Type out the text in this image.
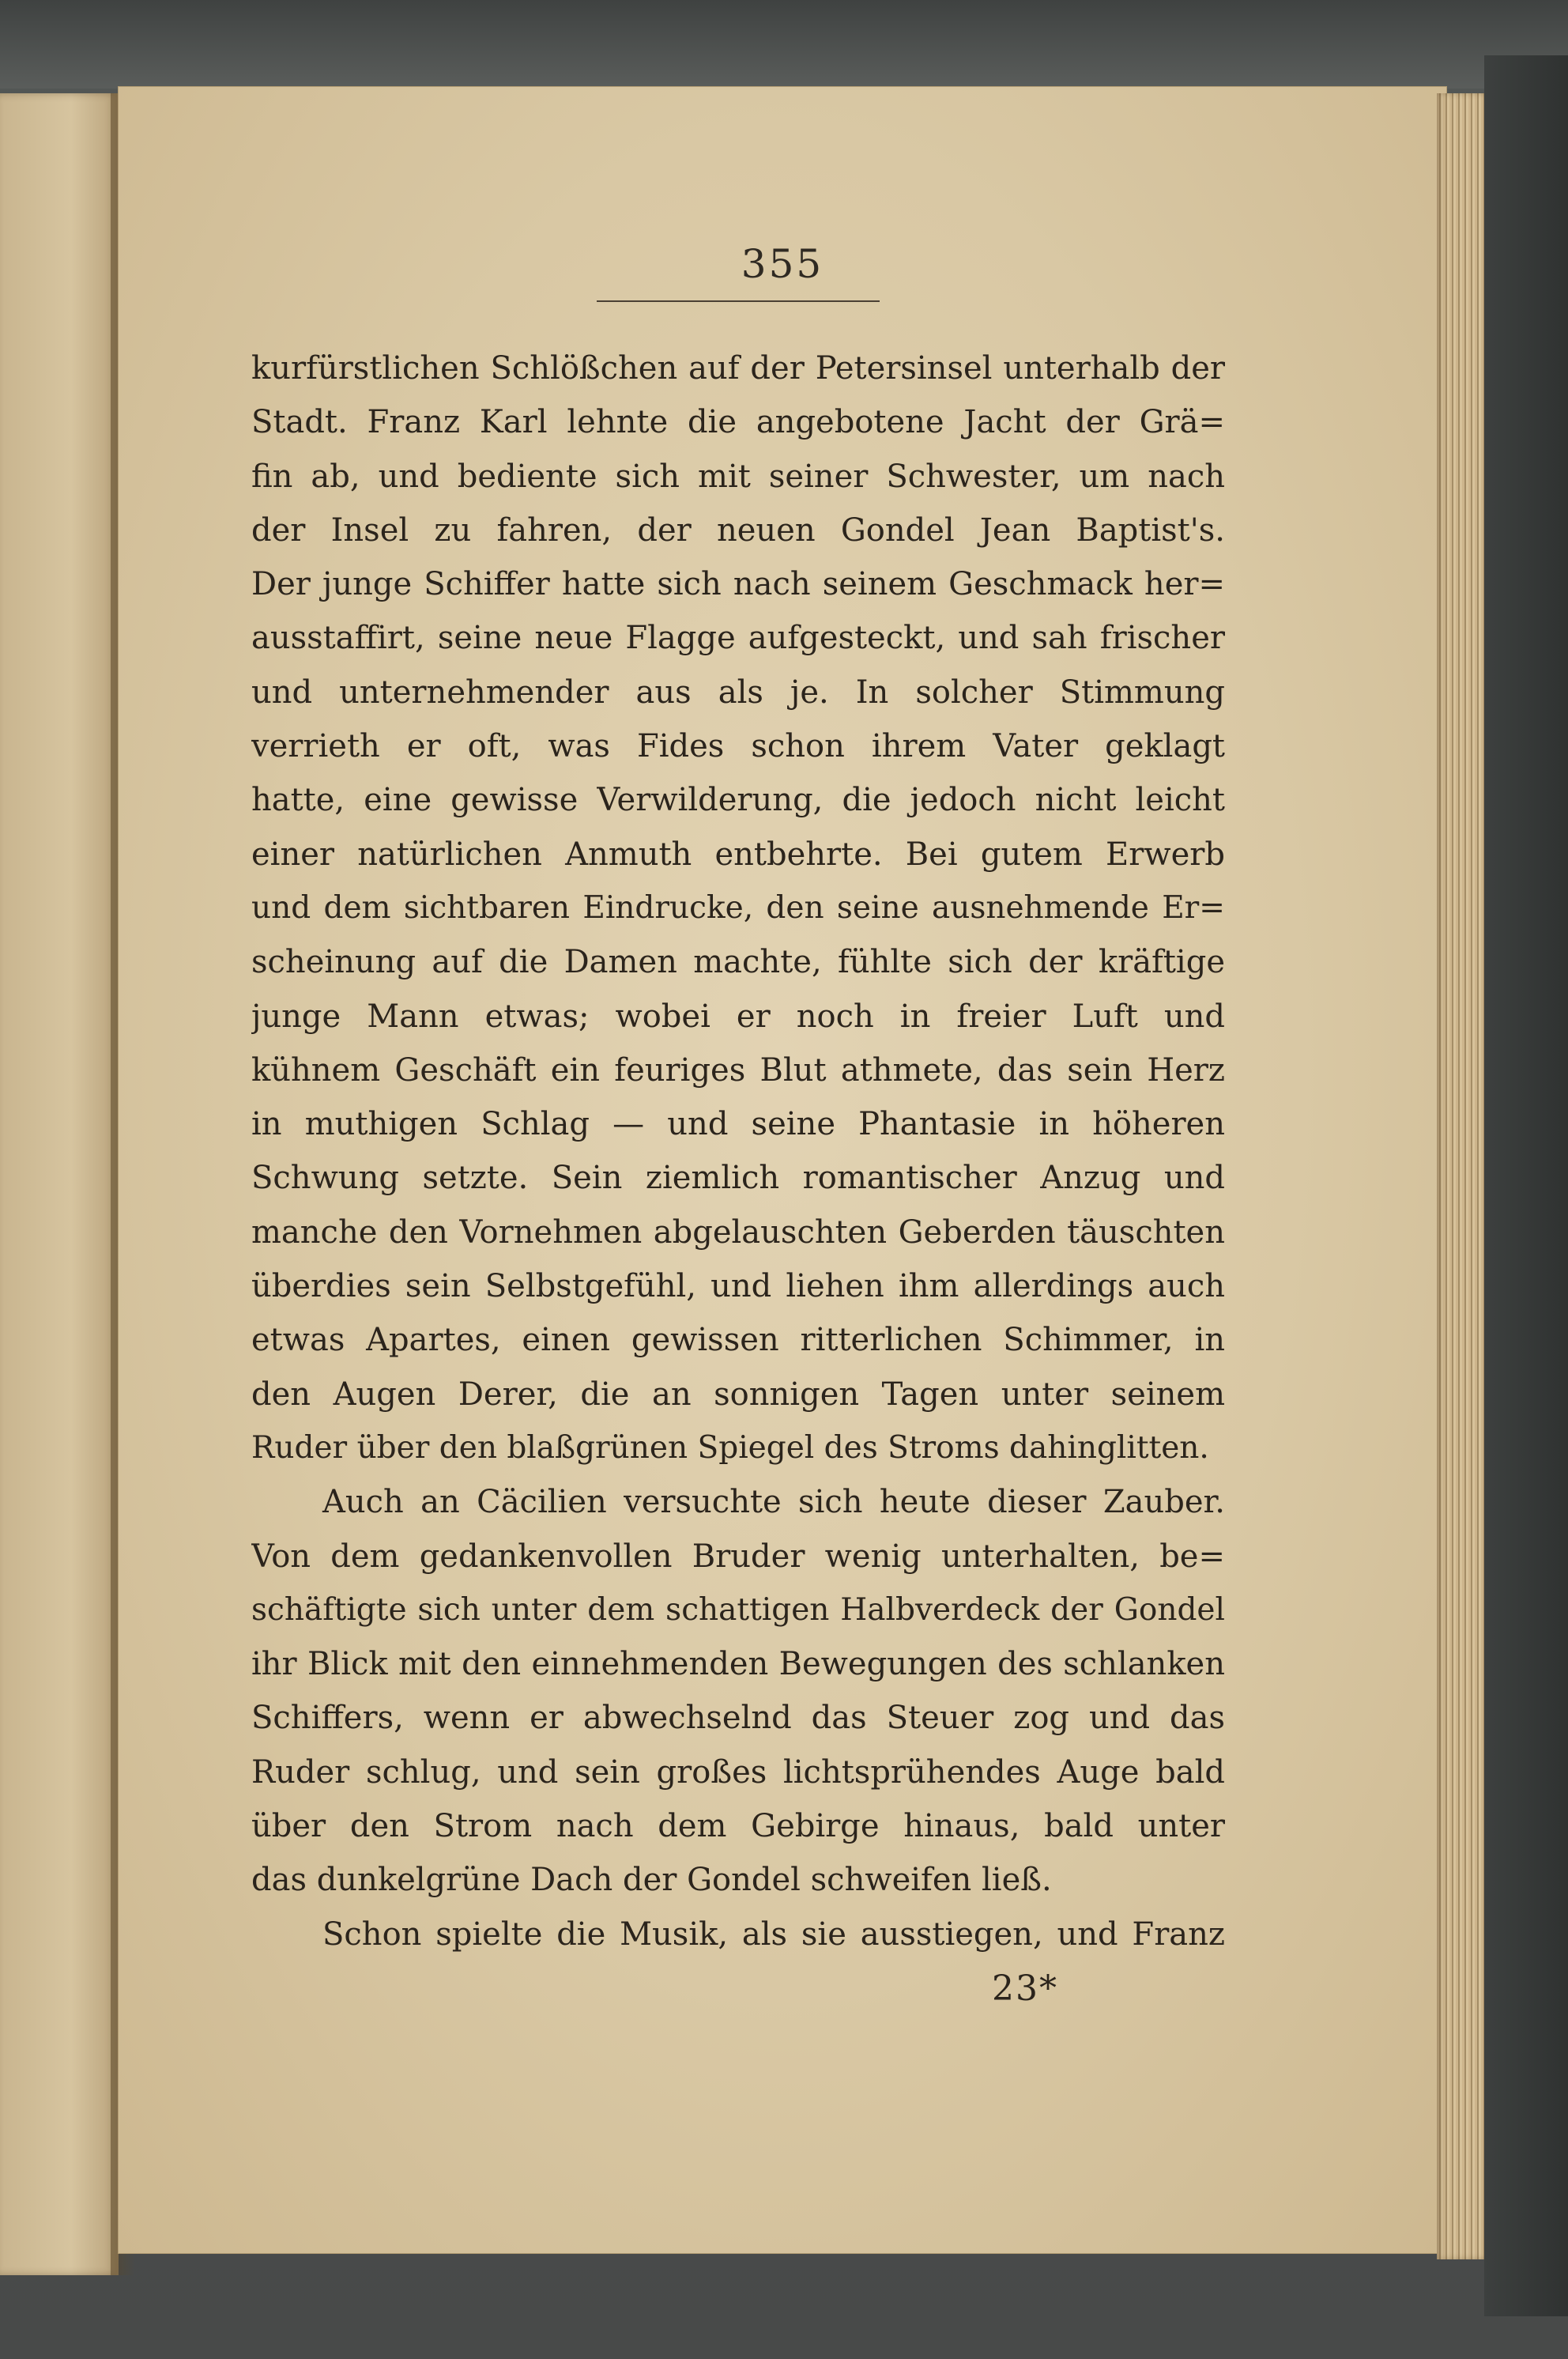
355
kurfürstlichen Schlößchen auf der Petersinsel unterhalb der
Stadt. Franz Karl lehnte die angebotene Jacht der Grä=
fin ab, und bediente sich mit seiner Schwester, um nach
der Insel zu fahren, der neuen Gondel Jean Baptist's.
Der junge Schiffer hatte sich nach seinem Geschmack her=
ausstaffirt, seine neue Flagge aufgesteckt, und sah frischer
und unternehmender aus als je. In solcher Stimmung
verrieth er oft, was Fides schon ihrem Vater geklagt
hatte, eine gewisse Verwilderung, die jedoch nicht leicht
einer natürlichen Anmuth entbehrte. Bei gutem Erwerb
und dem sichtbaren Eindrucke, den seine ausnehmende Er=
scheinung auf die Damen machte, fühlte sich der kräftige
junge Mann etwas; wobei er noch in freier Luft und
kühnem Geschäft ein feuriges Blut athmete, das sein Herz
in muthigen Schlag — und seine Phantasie in höheren
Schwung setzte. Sein ziemlich romantischer Anzug und
manche den Vornehmen abgelauschten Geberden täuschten
überdies sein Selbstgefühl, und liehen ihm allerdings auch
etwas Apartes, einen gewissen ritterlichen Schimmer, in
den Augen Derer, die an sonnigen Tagen unter seinem
Ruder über den blaßgrünen Spiegel des Stroms dahinglitten.
Auch an Cäcilien versuchte sich heute dieser Zauber.
Von dem gedankenvollen Bruder wenig unterhalten, be=
schäftigte sich unter dem schattigen Halbverdeck der Gondel
ihr Blick mit den einnehmenden Bewegungen des schlanken
Schiffers, wenn er abwechselnd das Steuer zog und das
Ruder schlug, und sein großes lichtsprühendes Auge bald
über den Strom nach dem Gebirge hinaus, bald unter
das dunkelgrüne Dach der Gondel schweifen ließ.
Schon spielte die Musik, als sie ausstiegen, und Franz
23*
